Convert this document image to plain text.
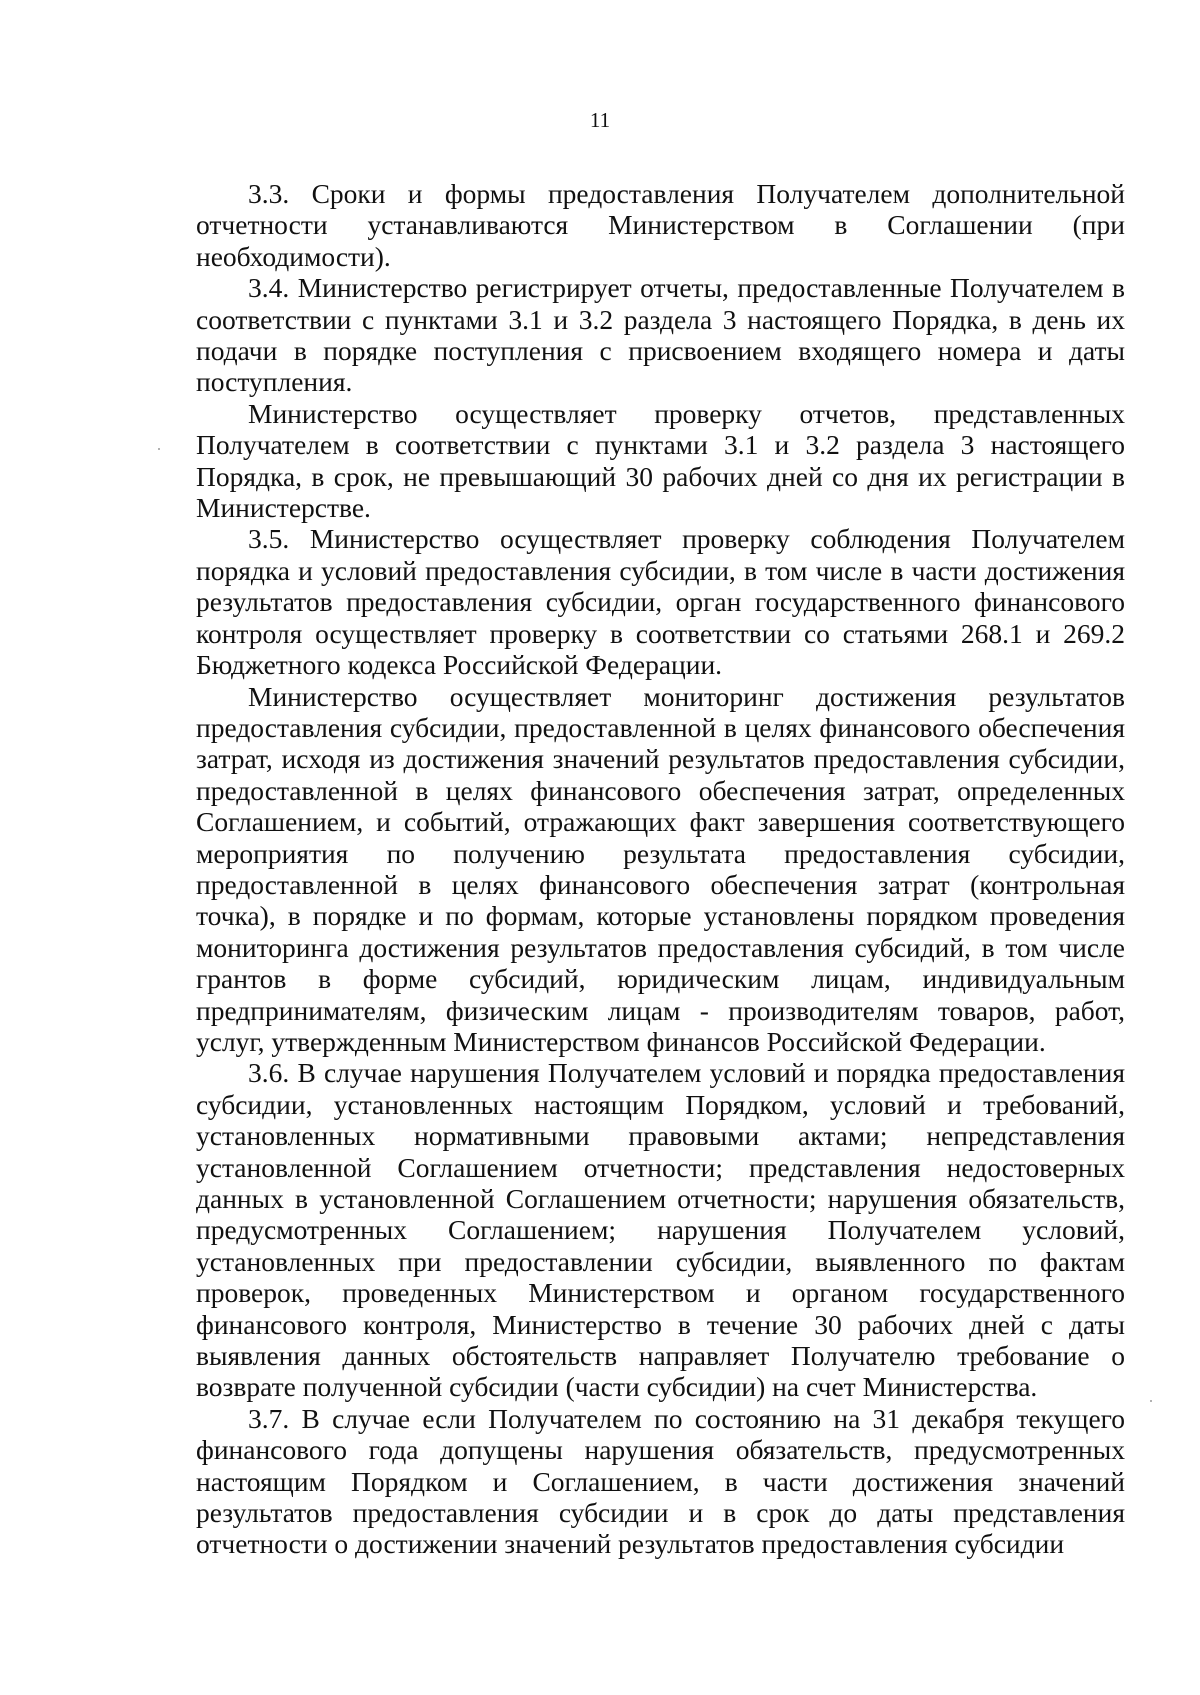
11

3.3. Сроки и формы предоставления Получателем дополнительной отчетности устанавливаются Министерством в Соглашении (при необходимости).

3.4. Министерство регистрирует отчеты, предоставленные Получателем в соответствии с пунктами 3.1 и 3.2 раздела 3 настоящего Порядка, в день их подачи в порядке поступления с присвоением входящего номера и даты поступления.

Министерство осуществляет проверку отчетов, представленных Получателем в соответствии с пунктами 3.1 и 3.2 раздела 3 настоящего Порядка, в срок, не превышающий 30 рабочих дней со дня их регистрации в Министерстве.

3.5. Министерство осуществляет проверку соблюдения Получателем порядка и условий предоставления субсидии, в том числе в части достижения результатов предоставления субсидии, орган государственного финансового контроля осуществляет проверку в соответствии со статьями 268.1 и 269.2 Бюджетного кодекса Российской Федерации.

Министерство осуществляет мониторинг достижения результатов предоставления субсидии, предоставленной в целях финансового обеспечения затрат, исходя из достижения значений результатов предоставления субсидии, предоставленной в целях финансового обеспечения затрат, определенных Соглашением, и событий, отражающих факт завершения соответствующего мероприятия по получению результата предоставления субсидии, предоставленной в целях финансового обеспечения затрат (контрольная точка), в порядке и по формам, которые установлены порядком проведения мониторинга достижения результатов предоставления субсидий, в том числе грантов в форме субсидий, юридическим лицам, индивидуальным предпринимателям, физическим лицам - производителям товаров, работ, услуг, утвержденным Министерством финансов Российской Федерации.

3.6. В случае нарушения Получателем условий и порядка предоставления субсидии, установленных настоящим Порядком, условий и требований, установленных нормативными правовыми актами; непредставления установленной Соглашением отчетности; представления недостоверных данных в установленной Соглашением отчетности; нарушения обязательств, предусмотренных Соглашением; нарушения Получателем условий, установленных при предоставлении субсидии, выявленного по фактам проверок, проведенных Министерством и органом государственного финансового контроля, Министерство в течение 30 рабочих дней с даты выявления данных обстоятельств направляет Получателю требование о возврате полученной субсидии (части субсидии) на счет Министерства.

3.7. В случае если Получателем по состоянию на 31 декабря текущего финансового года допущены нарушения обязательств, предусмотренных настоящим Порядком и Соглашением, в части достижения значений результатов предоставления субсидии и в срок до даты представления отчетности о достижении значений результатов предоставления субсидии
